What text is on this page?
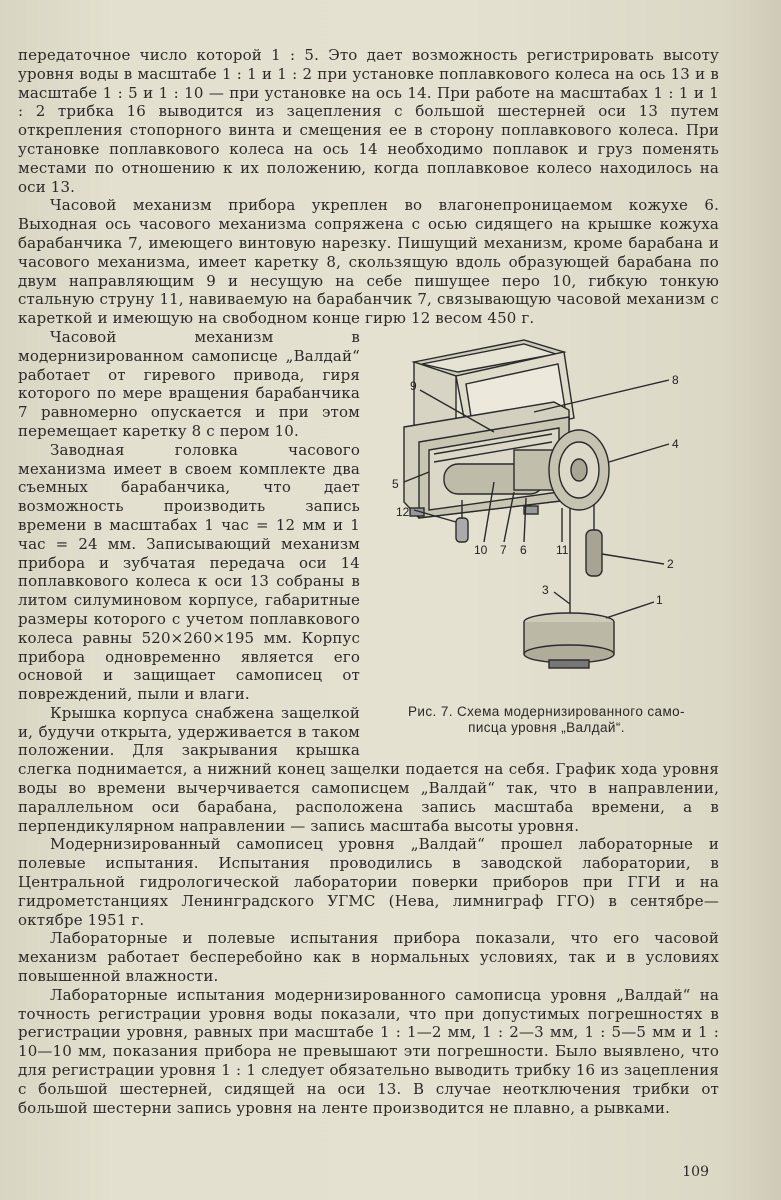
передаточное число которой 1 : 5. Это дает возможность регистрировать высоту уровня воды в масштабе 1 : 1 и 1 : 2 при установке поплавкового колеса на ось 13 и в масштабе 1 : 5 и 1 : 10 — при установке на ось 14. При работе на масштабах 1 : 1 и 1 : 2 трибка 16 выводится из зацепления с большой шестерней оси 13 путем открепления стопорного винта и смещения ее в сторону поплавкового колеса. При установке поплавкового колеса на ось 14 необходимо поплавок и груз поменять местами по отношению к их положению, когда поплавковое колесо находилось на оси 13.

Часовой механизм прибора укреплен во влагонепроницаемом кожухе 6. Выходная ось часового механизма сопряжена с осью сидящего на крышке кожуха барабанчика 7, имеющего винтовую нарезку. Пишущий механизм, кроме барабана и часового механизма, имеет каретку 8, скользящую вдоль образующей барабана по двум направляющим 9 и несущую на себе пишущее перо 10, гибкую тонкую стальную струну 11, навиваемую на барабанчик 7, связывающую часовой механизм с кареткой и имеющую на свободном конце гирю 12 весом 450 г.

9	8
4
5
12
10 7 6 11
2
3
1
Рис. 7. Схема модернизированного само-
писца уровня „Валдай“.

Часовой механизм в модернизированном самописце „Валдай“ работает от гиревого привода, гиря которого по мере вращения барабанчика 7 равномерно опускается и при этом перемещает каретку 8 с пером 10.

Заводная головка часового механизма имеет в своем комплекте два съемных барабанчика, что дает возможность производить запись времени в масштабах 1 час = 12 мм и 1 час = 24 мм. Записывающий механизм прибора и зубчатая передача оси 14 поплавкового колеса к оси 13 собраны в литом силуминовом корпусе, габаритные размеры которого с учетом поплавкового колеса равны 520×260×195 мм. Корпус прибора одновременно является его основой и защищает самописец от повреждений, пыли и влаги.

Крышка корпуса снабжена защелкой и, будучи открыта, удерживается в таком положении. Для закрывания крышка слегка поднимается, а нижний конец защелки подается на себя. График хода уровня воды во времени вычерчивается самописцем „Валдай“ так, что в направлении, параллельном оси барабана, расположена запись масштаба времени, а в перпендикулярном направлении — запись масштаба высоты уровня.

Модернизированный самописец уровня „Валдай“ прошел лабораторные и полевые испытания. Испытания проводились в заводской лаборатории, в Центральной гидрологической лаборатории поверки приборов при ГГИ и на гидрометстанциях Ленинградского УГМС (Нева, лимниграф ГГО) в сентябре—октябре 1951 г.

Лабораторные и полевые испытания прибора показали, что его часовой механизм работает бесперебойно как в нормальных условиях, так и в условиях повышенной влажности.

Лабораторные испытания модернизированного самописца уровня „Валдай“ на точность регистрации уровня воды показали, что при допустимых погрешностях в регистрации уровня, равных при масштабе 1 : 1—2 мм, 1 : 2—3 мм, 1 : 5—5 мм и 1 : 10—10 мм, показания прибора не превышают эти погрешности. Было выявлено, что для регистрации уровня 1 : 1 следует обязательно выводить трибку 16 из зацепления с большой шестерней, сидящей на оси 13. В случае неотключения трибки от большой шестерни запись уровня на ленте производится не плавно, а рывками.

109
